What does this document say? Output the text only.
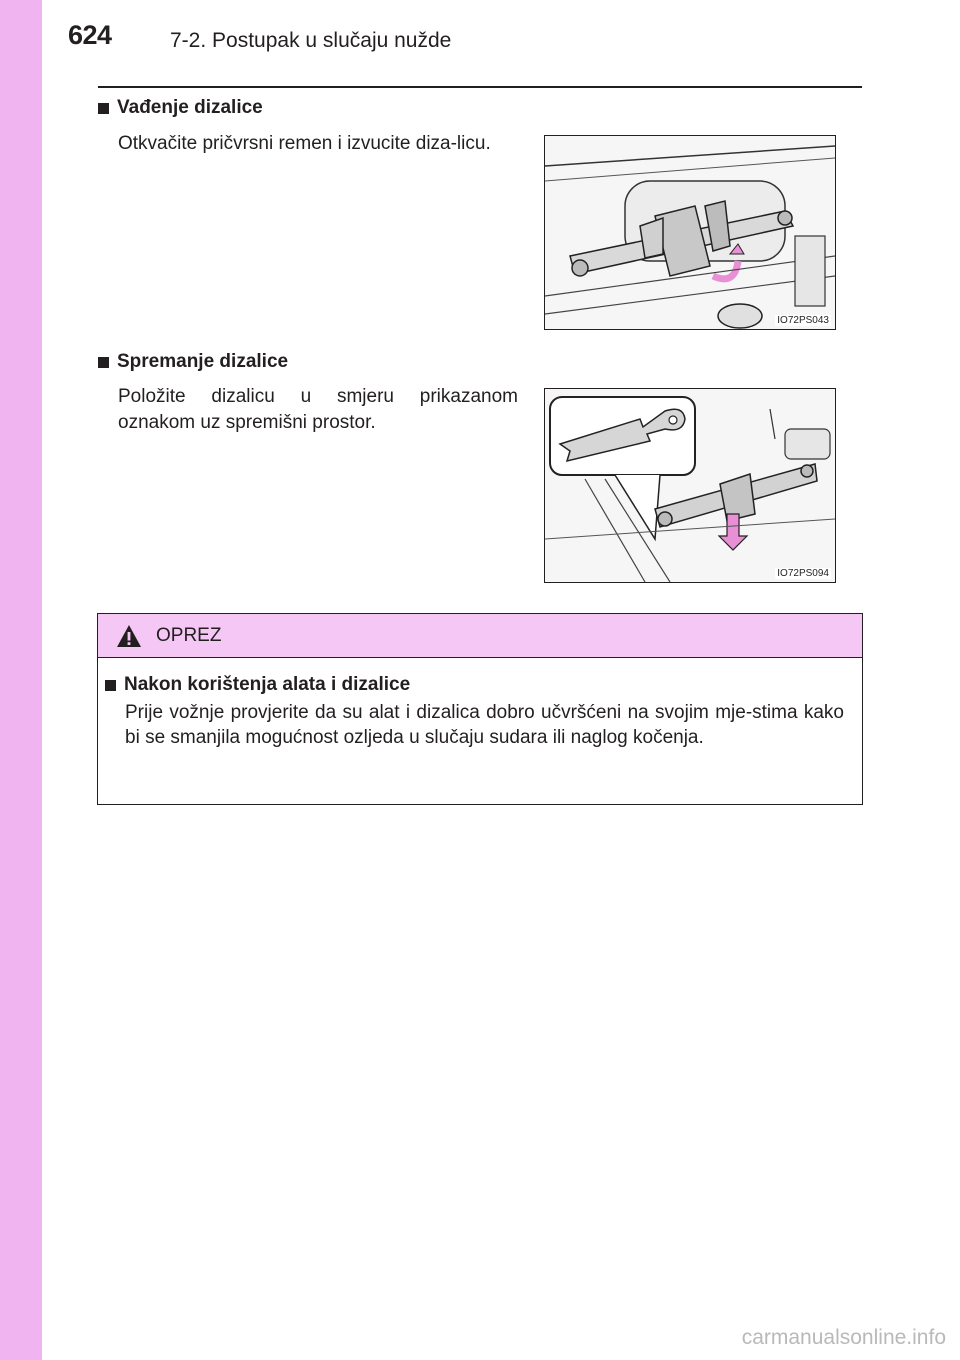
624	7-2. Postupak u slučaju nužde
Vađenje dizalice
Otkvačite pričvrsni remen i izvucite diza-licu.
IO72PS043
Spremanje dizalice
Položite dizalicu u smjeru prikazanom oznakom uz spremišni prostor.
IO72PS094
OPREZ
Nakon korištenja alata i dizalice
Prije vožnje provjerite da su alat i dizalica dobro učvršćeni na svojim mje-stima kako bi se smanjila mogućnost ozljeda u slučaju sudara ili naglog kočenja.
carmanualsonline.info
